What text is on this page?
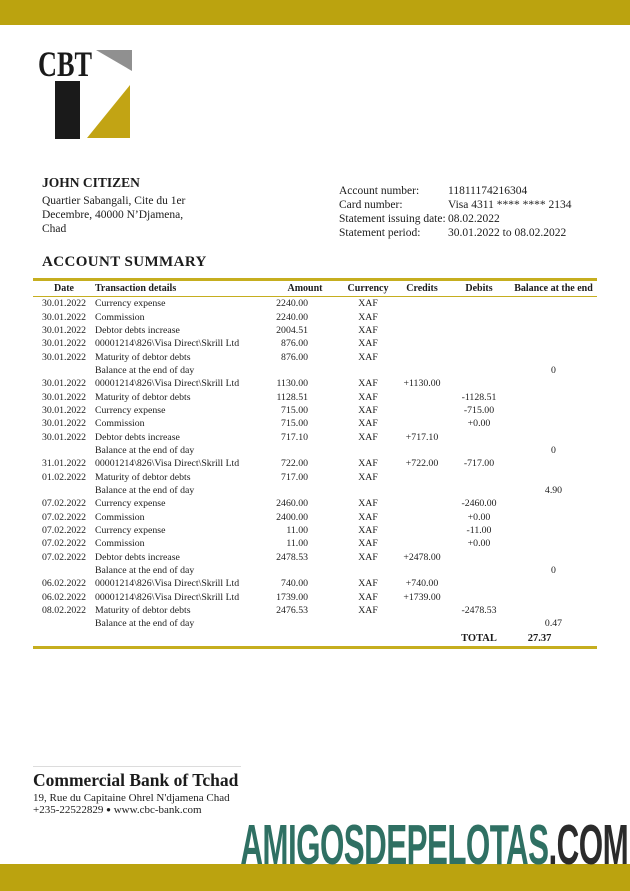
CBT
JOHN CITIZEN
Quartier Sabangali, Cite du 1er
Decembre, 40000 N’Djamena,
Chad
Account number:	11811174216304
Card number:	Visa 4311 **** **** 2134
Statement issuing date: 08.02.2022
Statement period:	30.01.2022 to 08.02.2022
ACCOUNT SUMMARY
Date	Transaction details	Amount	Currency	Credits	Debits	Balance at the end
30.01.2022	Currency expense	2240.00	XAF			
30.01.2022	Commission	2240.00	XAF			
30.01.2022	Debtor debts increase	2004.51	XAF			
30.01.2022	00001214\826\Visa Direct\Skrill Ltd	876.00	XAF			
30.01.2022	Maturity of debtor debts	876.00	XAF			
	Balance at the end of day					0
30.01.2022	00001214\826\Visa Direct\Skrill Ltd	1130.00	XAF	+1130.00		
30.01.2022	Maturity of debtor debts	1128.51	XAF		-1128.51	
30.01.2022	Currency expense	715.00	XAF		-715.00	
30.01.2022	Commission	715.00	XAF		+0.00	
30.01.2022	Debtor debts increase	717.10	XAF	+717.10		
	Balance at the end of day					0
31.01.2022	00001214\826\Visa Direct\Skrill Ltd	722.00	XAF	+722.00	-717.00	
01.02.2022	Maturity of debtor debts	717.00	XAF			
	Balance at the end of day					4.90
07.02.2022	Currency expense	2460.00	XAF		-2460.00	
07.02.2022	Commission	2400.00	XAF		+0.00	
07.02.2022	Currency expense	11.00	XAF		-11.00	
07.02.2022	Commission	11.00	XAF		+0.00	
07.02.2022	Debtor debts increase	2478.53	XAF	+2478.00		
	Balance at the end of day					0
06.02.2022	00001214\826\Visa Direct\Skrill Ltd	740.00	XAF	+740.00		
06.02.2022	00001214\826\Visa Direct\Skrill Ltd	1739.00	XAF	+1739.00		
08.02.2022	Maturity of debtor debts	2476.53	XAF		-2478.53	
	Balance at the end of day					0.47
					TOTAL	27.37
Commercial Bank of Tchad
19, Rue du Capitaine Ohrel N'djamena Chad
+235-22522829 ● www.cbc-bank.com
AMIGOSDEPELOTAS.COM
